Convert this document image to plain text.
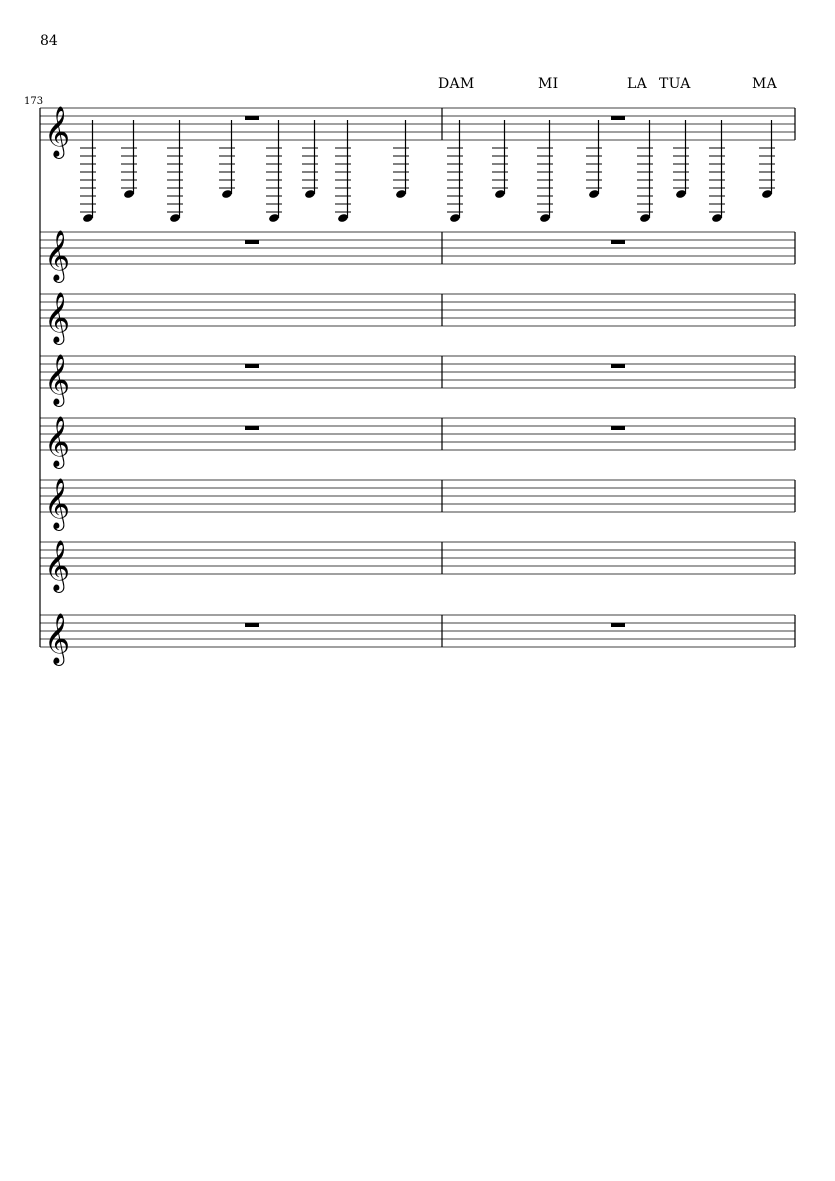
84
173
DAM	MI	LA TUA	MA
𝄞
𝄞
𝄞
𝄞
𝄞
𝄞
𝄞
𝄞
